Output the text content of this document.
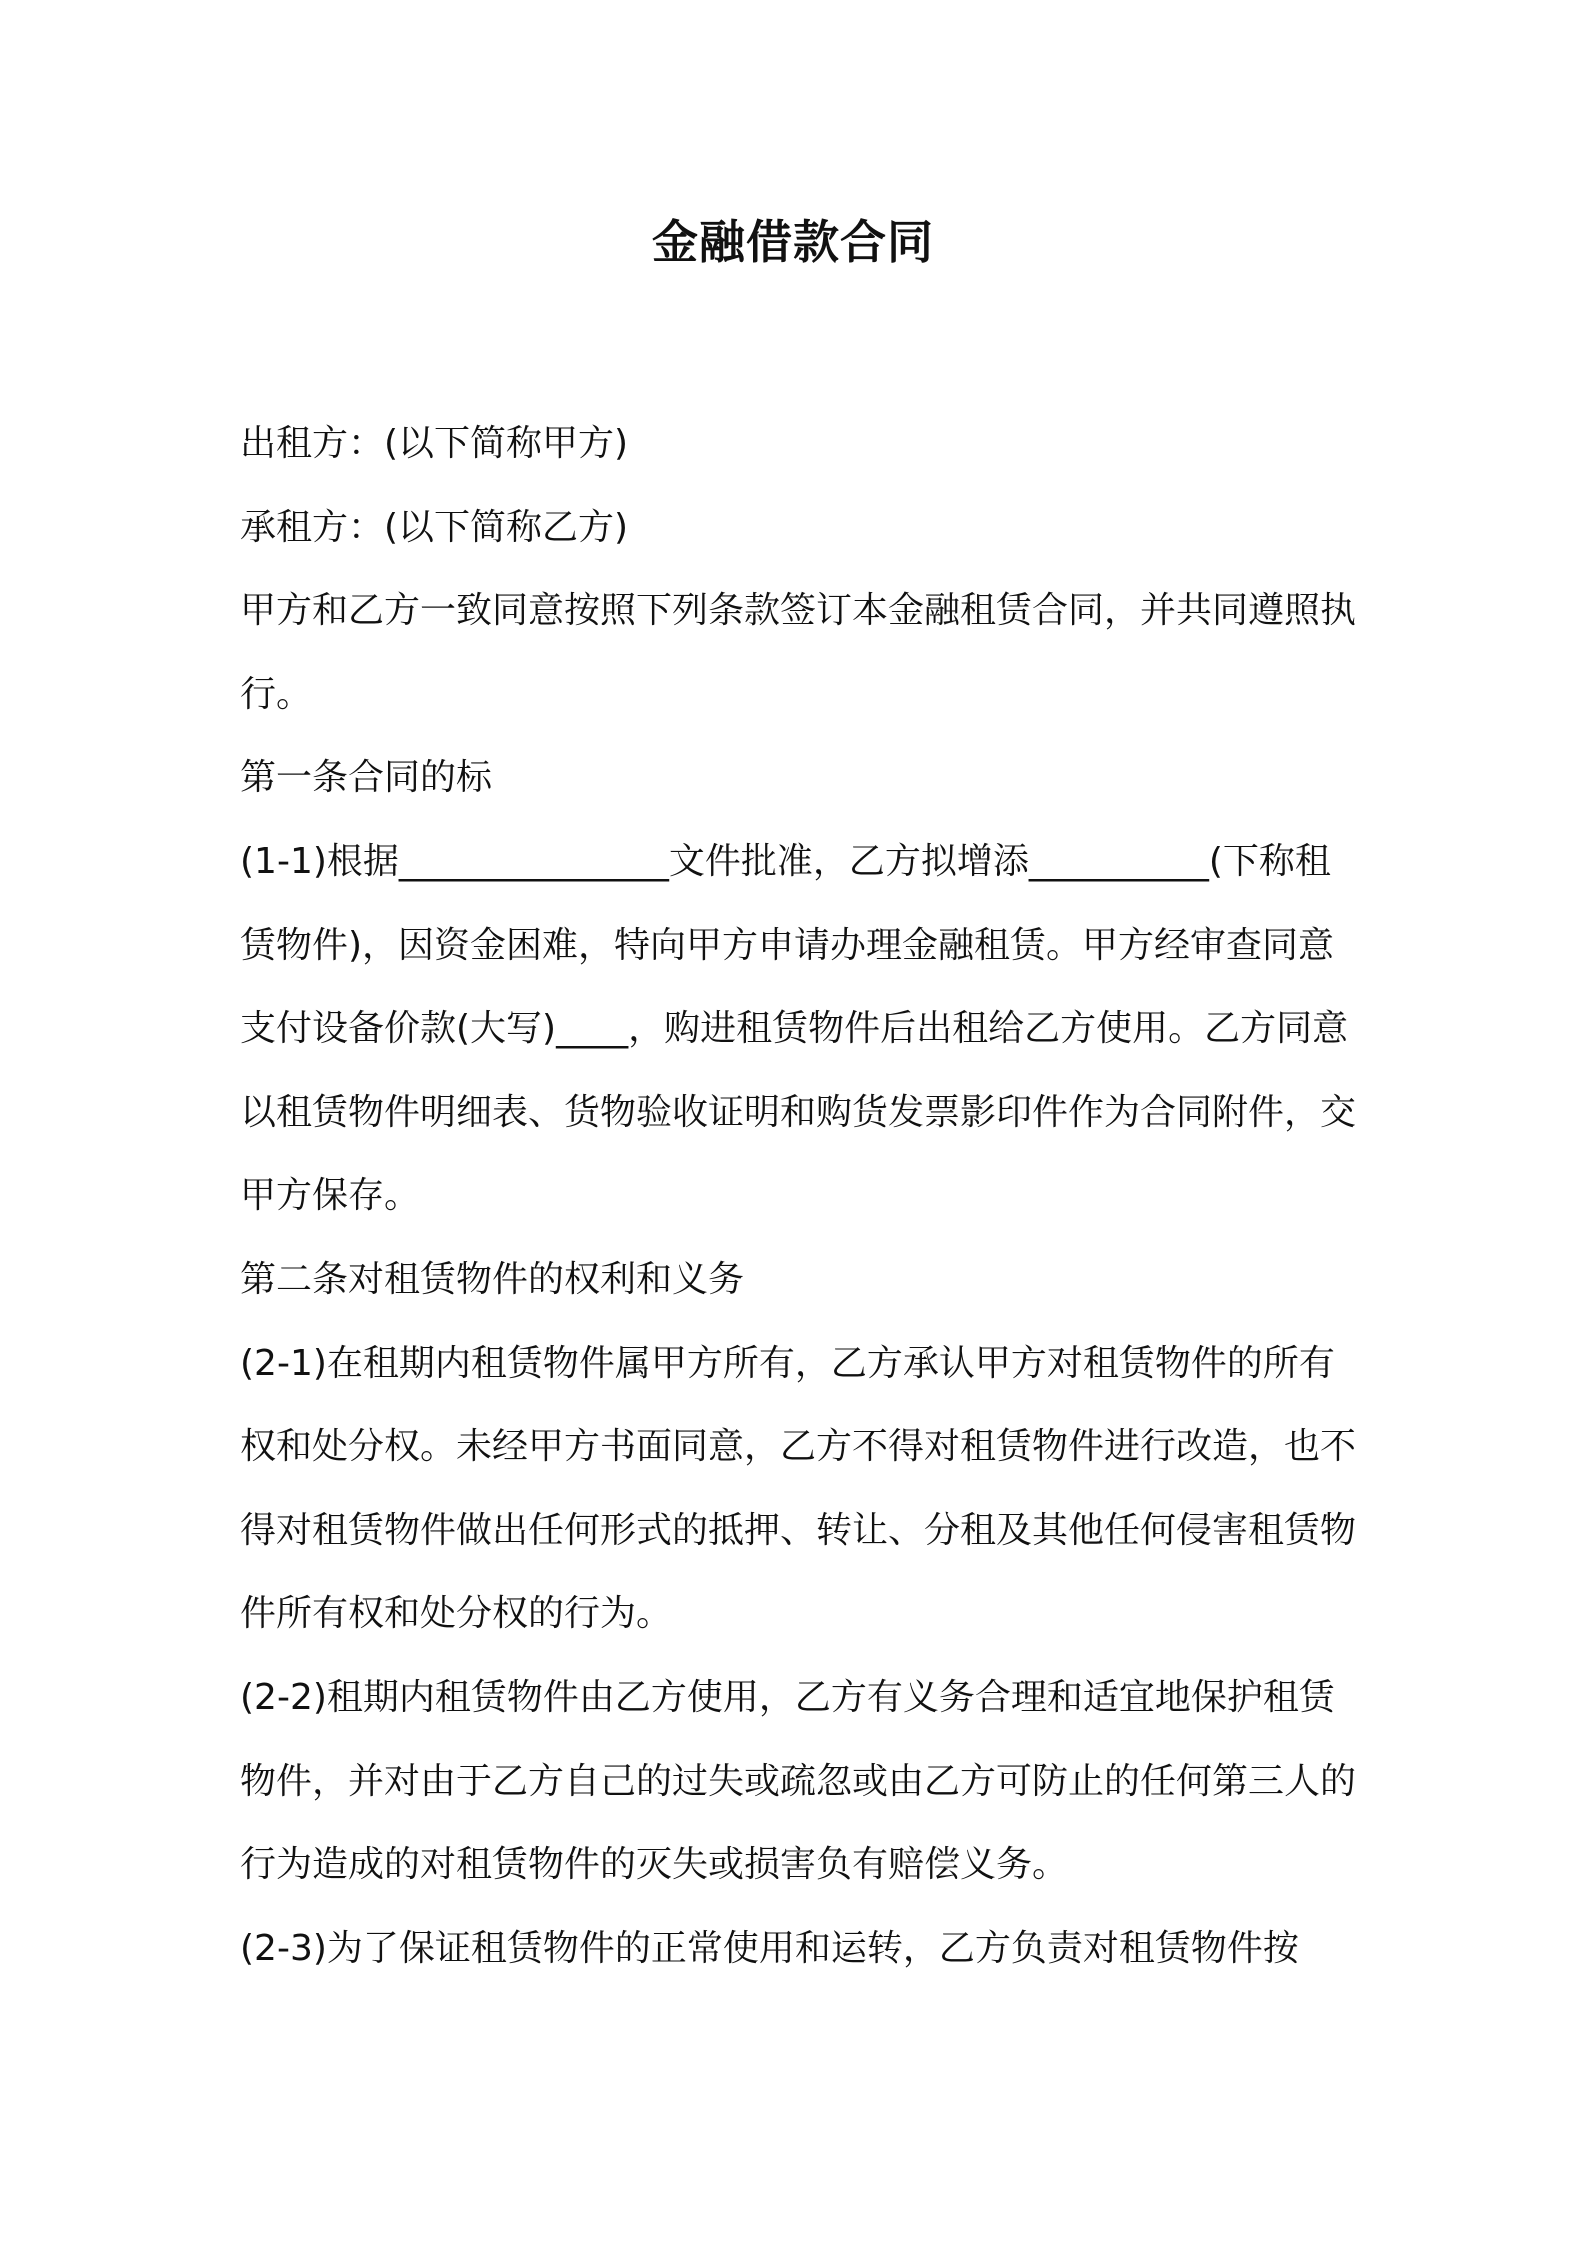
金融借款合同

出租方：(以下简称甲方)

承租方：(以下简称乙方)

甲方和乙方一致同意按照下列条款签订本金融租赁合同，并共同遵照执行。

第一条合同的标

(1-1)根据_______________文件批准，乙方拟增添__________(下称租赁物件)，因资金困难，特向甲方申请办理金融租赁。甲方经审查同意支付设备价款(大写)____，购进租赁物件后出租给乙方使用。乙方同意以租赁物件明细表、货物验收证明和购货发票影印件作为合同附件，交甲方保存。

第二条对租赁物件的权利和义务

(2-1)在租期内租赁物件属甲方所有，乙方承认甲方对租赁物件的所有权和处分权。未经甲方书面同意，乙方不得对租赁物件进行改造，也不得对租赁物件做出任何形式的抵押、转让、分租及其他任何侵害租赁物件所有权和处分权的行为。

(2-2)租期内租赁物件由乙方使用，乙方有义务合理和适宜地保护租赁物件，并对由于乙方自己的过失或疏忽或由乙方可防止的任何第三人的行为造成的对租赁物件的灭失或损害负有赔偿义务。

(2-3)为了保证租赁物件的正常使用和运转，乙方负责对租赁物件按
